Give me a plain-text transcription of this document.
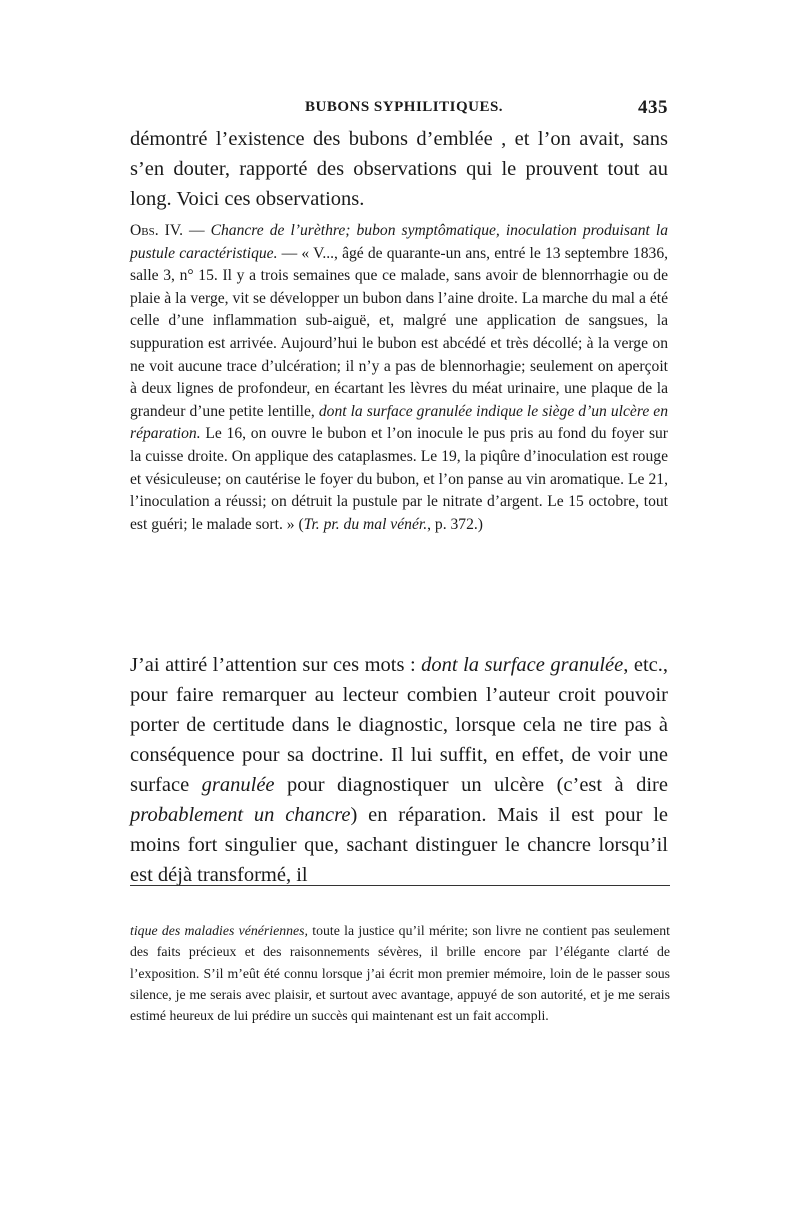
BUBONS SYPHILITIQUES.	435

démontré l’existence des bubons d’emblée , et l’on avait, sans s’en douter, rapporté des observations qui le prouvent tout au long. Voici ces observations.

Obs. IV. — Chancre de l’urèthre; bubon symptômatique, inoculation produisant la pustule caractéristique. — « V..., âgé de quarante-un ans, entré le 13 septembre 1836, salle 3, n° 15. Il y a trois semaines que ce malade, sans avoir de blennorrhagie ou de plaie à la verge, vit se développer un bubon dans l’aine droite. La marche du mal a été celle d’une inflammation sub-aiguë, et, malgré une application de sangsues, la suppuration est arrivée. Aujourd’hui le bubon est abcédé et très décollé; à la verge on ne voit aucune trace d’ulcération; il n’y a pas de blennorhagie; seulement on aperçoit à deux lignes de profondeur, en écartant les lèvres du méat urinaire, une plaque de la grandeur d’une petite lentille, dont la surface granulée indique le siège d’un ulcère en réparation. Le 16, on ouvre le bubon et l’on inocule le pus pris au fond du foyer sur la cuisse droite. On applique des cataplasmes. Le 19, la piqûre d’inoculation est rouge et vésiculeuse; on cautérise le foyer du bubon, et l’on panse au vin aromatique. Le 21, l’inoculation a réussi; on détruit la pustule par le nitrate d’argent. Le 15 octobre, tout est guéri; le malade sort. » (Tr. pr. du mal vénér., p. 372.)

J’ai attiré l’attention sur ces mots : dont la surface granulée, etc., pour faire remarquer au lecteur combien l’auteur croit pouvoir porter de certitude dans le diagnostic, lorsque cela ne tire pas à conséquence pour sa doctrine. Il lui suffit, en effet, de voir une surface granulée pour diagnostiquer un ulcère (c’est à dire probablement un chancre) en réparation. Mais il est pour le moins fort singulier que, sachant distinguer le chancre lorsqu’il est déjà transformé, il

tique des maladies vénériennes, toute la justice qu’il mérite; son livre ne contient pas seulement des faits précieux et des raisonnements sévères, il brille encore par l’élégante clarté de l’exposition. S’il m’eût été connu lorsque j’ai écrit mon premier mémoire, loin de le passer sous silence, je me serais avec plaisir, et surtout avec avantage, appuyé de son autorité, et je me serais estimé heureux de lui prédire un succès qui maintenant est un fait accompli.
